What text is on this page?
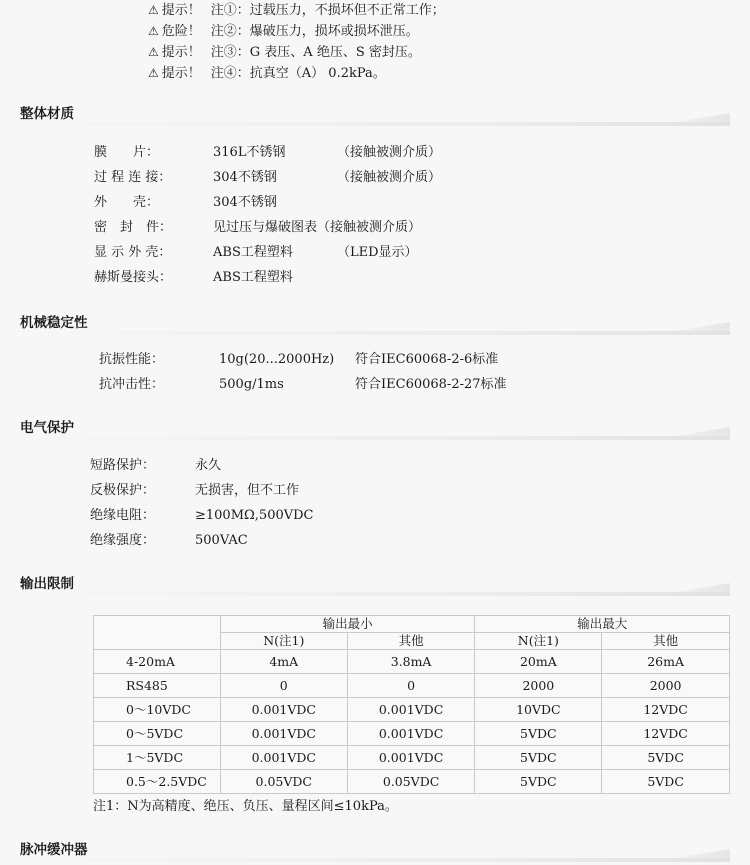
⚠ 提示！ 注①：过载压力，不损坏但不正常工作；
⚠ 危险！ 注②：爆破压力，损坏或损坏泄压。
⚠ 提示！ 注③：G 表压、A 绝压、S 密封压。
⚠ 提示！ 注④：抗真空（A） 0.2kPa。
整体材质
膜　　片：	316L不锈钢	（接触被测介质）
过 程 连 接：	304不锈钢	（接触被测介质）
外　　壳：	304不锈钢
密　封　件：	见过压与爆破图表（接触被测介质）
显 示 外 壳：	ABS工程塑料	（LED显示）
赫斯曼接头：	ABS工程塑料
机械稳定性
抗振性能：	10g(20...2000Hz) 符合IEC60068-2-6标准
抗冲击性：	500g/1ms	符合IEC60068-2-27标准
电气保护
短路保护：	永久
反极保护：	无损害，但不工作
绝缘电阻：	≥100MΩ,500VDC
绝缘强度：	500VAC
输出限制
	输出最小		输出最大	
	N(注1)	其他	N(注1)	其他
4-20mA	4mA	3.8mA	20mA	26mA
RS485	0	0	2000	2000
0～10VDC	0.001VDC	0.001VDC	10VDC	12VDC
0～5VDC	0.001VDC	0.001VDC	5VDC	12VDC
1～5VDC	0.001VDC	0.001VDC	5VDC	5VDC
0.5～2.5VDC	0.05VDC	0.05VDC	5VDC	5VDC
注1：N为高精度、绝压、负压、量程区间≤10kPa。
脉冲缓冲器
